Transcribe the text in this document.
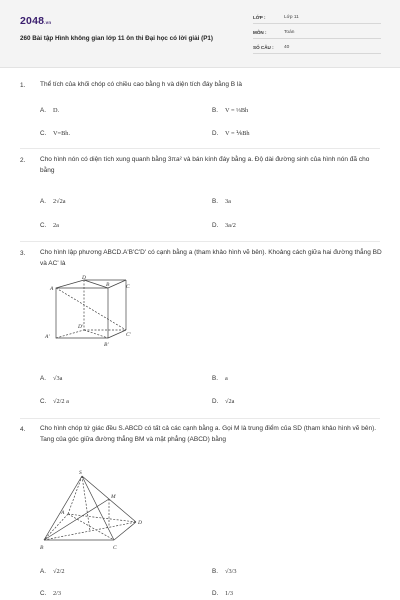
2048.vn
260 Bài tập Hình không gian lớp 11 ôn thi Đại học có lời giải (P1)
LỚP :	Lớp 11
MÔN :	Toán
SỐ CÂU : 40
1. Thể tích của khối chóp có chiều cao bằng h và diện tích đáy bằng B là
A. D.	B. V = ⅓Bh
C. V=Bh.	D. V = ⅙Bh
2. Cho hình nón có diện tích xung quanh bằng 3πa² và bán kính đáy bằng a. Độ dài đường sinh của hình nón đã cho bằng
A. 2√2a	B. 3a
C. 2a	D. 3a/2
3. Cho hình lập phương ABCD.A'B'C'D' có cạnh bằng a (tham khảo hình vẽ bên). Khoảng cách giữa hai đường thẳng BD và AC' là
D
A
B	C
D'
A'
B'
C'
A. √3a	B. a
C. √2/2 a	D. √2a
4. Cho hình chóp tứ giác đều S.ABCD có tất cả các cạnh bằng a. Gọi M là trung điểm của SD (tham khảo hình vẽ bên). Tang của góc giữa đường thẳng BM và mặt phẳng (ABCD) bằng
S
M
A
D
B	C
A. √2/2	B. √3/3
C. 2/3	D. 1/3
